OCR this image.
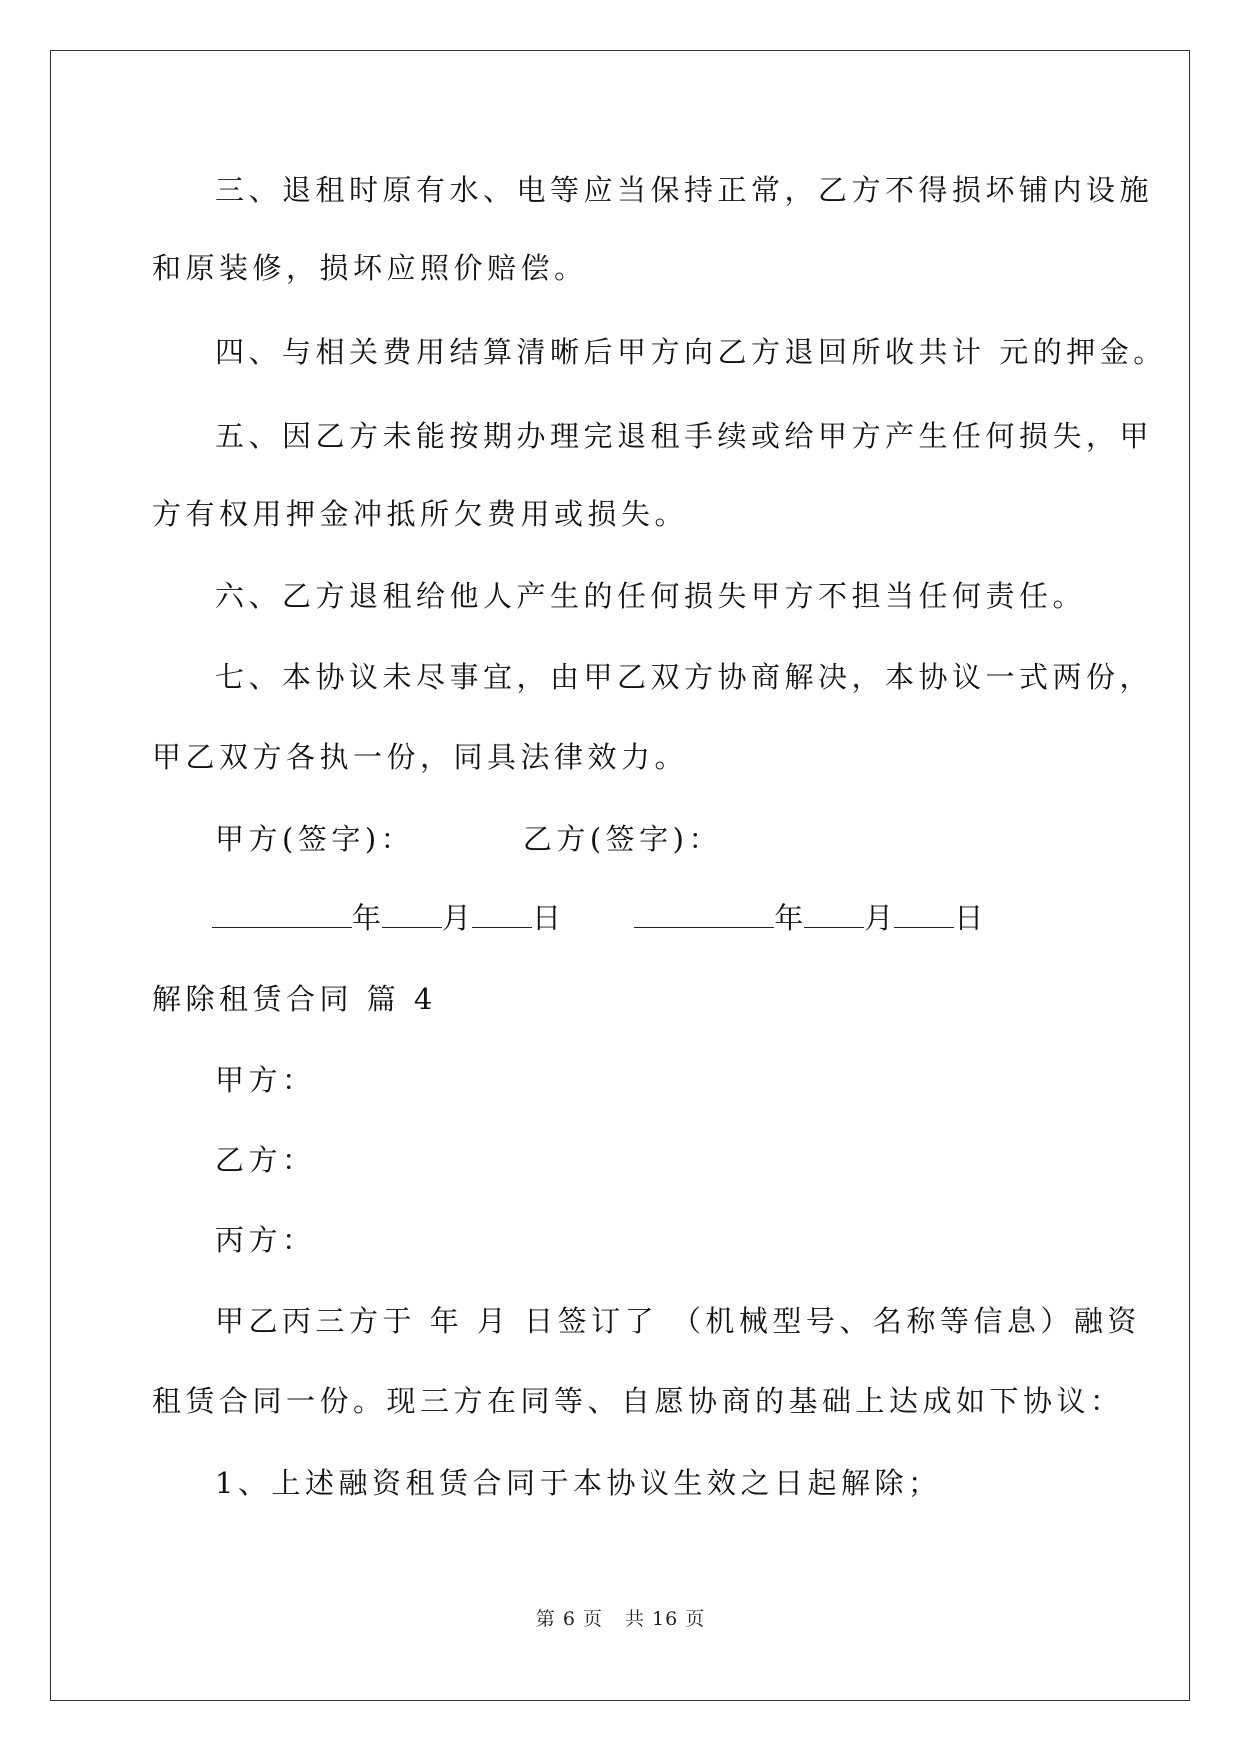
三、退租时原有水、电等应当保持正常，乙方不得损坏铺内设施

和原装修，损坏应照价赔偿。

四、与相关费用结算清晰后甲方向乙方退回所收共计 元的押金。

五、因乙方未能按期办理完退租手续或给甲方产生任何损失，甲

方有权用押金冲抵所欠费用或损失。

六、乙方退租给他人产生的任何损失甲方不担当任何责任。

七、本协议未尽事宜，由甲乙双方协商解决，本协议一式两份，

甲乙双方各执一份，同具法律效力。

甲方(签字)：	乙方(签字)：
年 月 日	年 月 日

解除租赁合同 篇 4

甲方：

乙方：

丙方：

甲乙丙三方于 年 月 日签订了 （机械型号、名称等信息）融资

租赁合同一份。现三方在同等、自愿协商的基础上达成如下协议：

1、上述融资租赁合同于本协议生效之日起解除；

第 6 页 共 16 页
